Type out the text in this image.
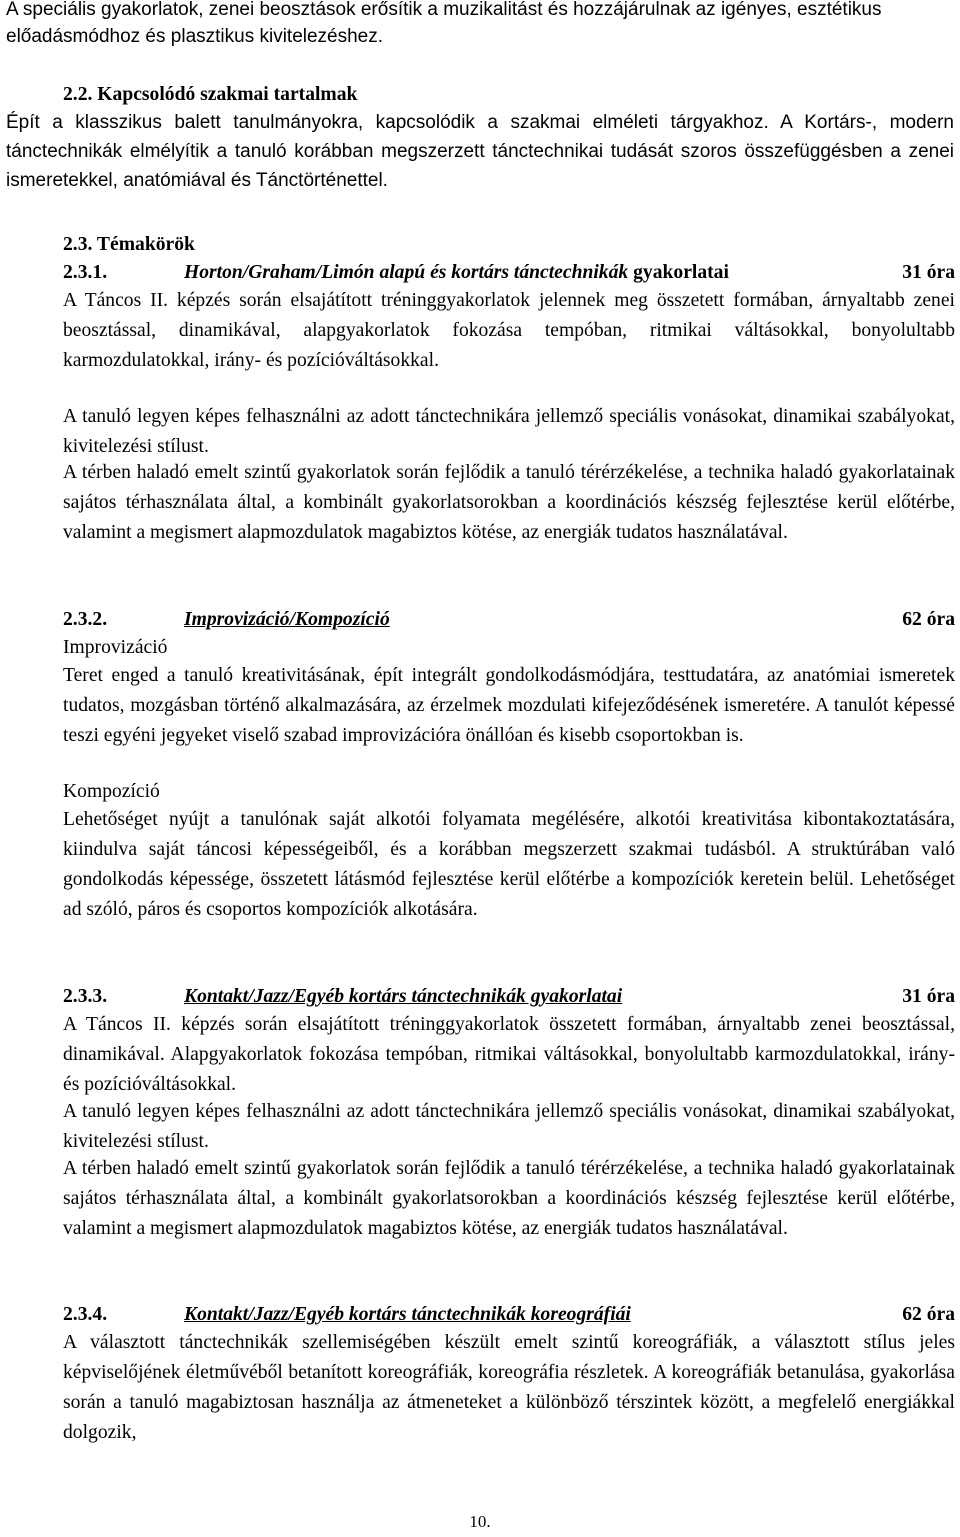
A speciális gyakorlatok, zenei beosztások erősítik a muzikalitást és hozzájárulnak az igényes, esztétikus előadásmódhoz és plasztikus kivitelezéshez.

2.2. Kapcsolódó szakmai tartalmak

Épít a klasszikus balett tanulmányokra, kapcsolódik a szakmai elméleti tárgyakhoz. A Kortárs-, modern tánctechnikák elmélyítik a tanuló korábban megszerzett tánctechnikai tudását szoros összefüggésben a zenei ismeretekkel, anatómiával és Tánctörténettel.

2.3. Témakörök
2.3.1.	Horton/Graham/Limón alapú és kortárs tánctechnikák gyakorlatai	31 óra

A Táncos II. képzés során elsajátított tréninggyakorlatok jelennek meg összetett formában, árnyaltabb zenei beosztással, dinamikával, alapgyakorlatok fokozása tempóban, ritmikai váltásokkal, bonyolultabb karmozdulatokkal, irány- és pozícióváltásokkal.

A tanuló legyen képes felhasználni az adott tánctechnikára jellemző speciális vonásokat, dinamikai szabályokat, kivitelezési stílust.

A térben haladó emelt szintű gyakorlatok során fejlődik a tanuló térérzékelése, a technika haladó gyakorlatainak sajátos térhasználata által, a kombinált gyakorlatsorokban a koordinációs készség fejlesztése kerül előtérbe, valamint a megismert alapmozdulatok magabiztos kötése, az energiák tudatos használatával.

2.3.2.	Improvizáció/Kompozíció	62 óra

Improvizáció

Teret enged a tanuló kreativitásának, épít integrált gondolkodásmódjára, testtudatára, az anatómiai ismeretek tudatos, mozgásban történő alkalmazására, az érzelmek mozdulati kifejeződésének ismeretére. A tanulót képessé teszi egyéni jegyeket viselő szabad improvizációra önállóan és kisebb csoportokban is.

Kompozíció

Lehetőséget nyújt a tanulónak saját alkotói folyamata megélésére, alkotói kreativitása kibontakoztatására, kiindulva saját táncosi képességeiből, és a korábban megszerzett szakmai tudásból. A struktúrában való gondolkodás képessége, összetett látásmód fejlesztése kerül előtérbe a kompozíciók keretein belül. Lehetőséget ad szóló, páros és csoportos kompozíciók alkotására.

2.3.3.	Kontakt/Jazz/Egyéb kortárs tánctechnikák gyakorlatai	31 óra

A Táncos II. képzés során elsajátított tréninggyakorlatok összetett formában, árnyaltabb zenei beosztással, dinamikával. Alapgyakorlatok fokozása tempóban, ritmikai váltásokkal, bonyolultabb karmozdulatokkal, irány- és pozícióváltásokkal.

A tanuló legyen képes felhasználni az adott tánctechnikára jellemző speciális vonásokat, dinamikai szabályokat, kivitelezési stílust.

A térben haladó emelt szintű gyakorlatok során fejlődik a tanuló térérzékelése, a technika haladó gyakorlatainak sajátos térhasználata által, a kombinált gyakorlatsorokban a koordinációs készség fejlesztése kerül előtérbe, valamint a megismert alapmozdulatok magabiztos kötése, az energiák tudatos használatával.

2.3.4.	Kontakt/Jazz/Egyéb kortárs tánctechnikák koreográfiái	62 óra

A választott tánctechnikák szellemiségében készült emelt szintű koreográfiák, a választott stílus jeles képviselőjének életművéből betanított koreográfiák, koreográfia részletek. A koreográfiák betanulása, gyakorlása során a tanuló magabiztosan használja az átmeneteket a különböző térszintek között, a megfelelő energiákkal dolgozik,

10.
